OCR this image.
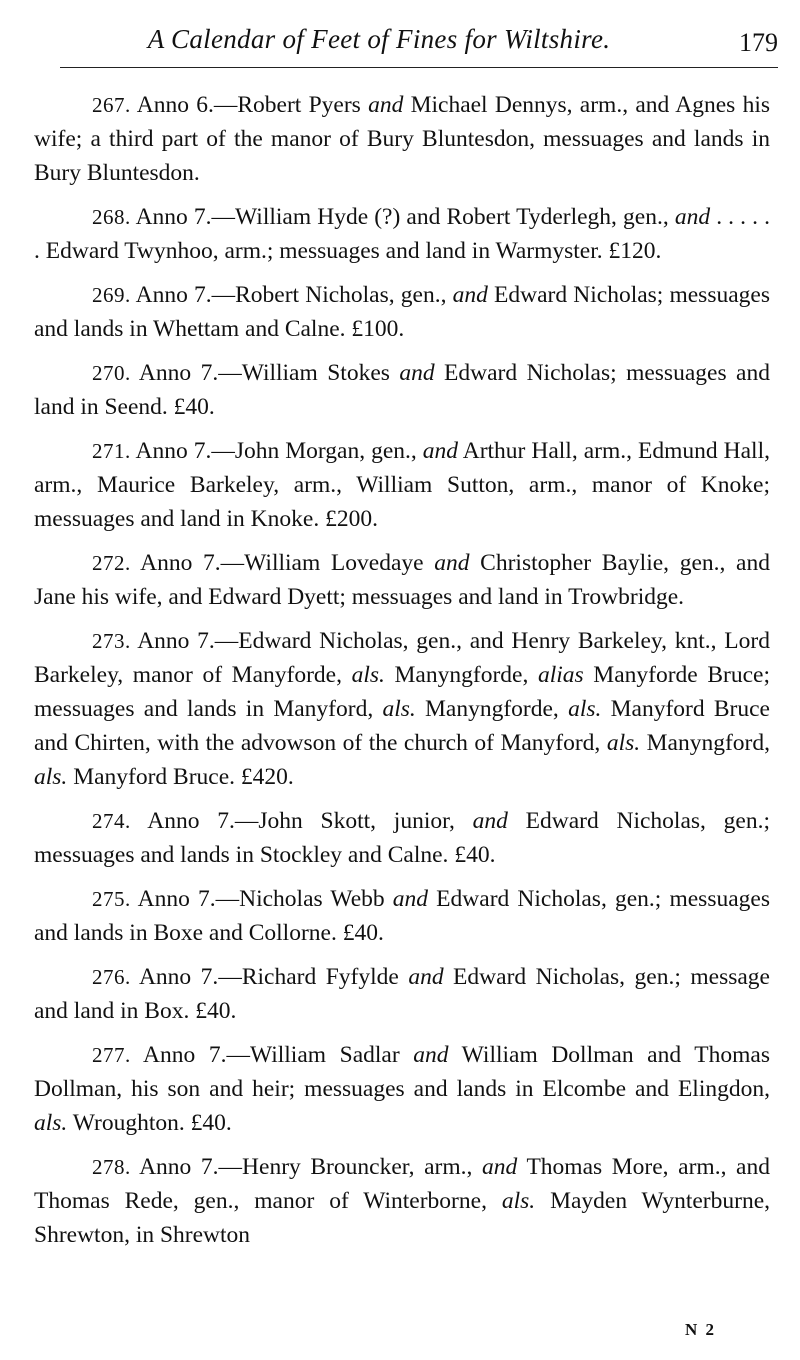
A Calendar of Feet of Fines for Wiltshire.	179

267. Anno 6.—Robert Pyers and Michael Dennys, arm., and Agnes his wife; a third part of the manor of Bury Bluntesdon, messuages and lands in Bury Bluntesdon.

268. Anno 7.—William Hyde (?) and Robert Tyderlegh, gen., and . . . . . . Edward Twynhoo, arm.; messuages and land in Warmyster. £120.

269. Anno 7.—Robert Nicholas, gen., and Edward Nicholas; messuages and lands in Whettam and Calne. £100.

270. Anno 7.—William Stokes and Edward Nicholas; messuages and land in Seend. £40.

271. Anno 7.—John Morgan, gen., and Arthur Hall, arm., Edmund Hall, arm., Maurice Barkeley, arm., William Sutton, arm., manor of Knoke; messuages and land in Knoke. £200.

272. Anno 7.—William Lovedaye and Christopher Baylie, gen., and Jane his wife, and Edward Dyett; messuages and land in Trowbridge.

273. Anno 7.—Edward Nicholas, gen., and Henry Barkeley, knt., Lord Barkeley, manor of Manyforde, als. Manyngforde, alias Manyforde Bruce; messuages and lands in Manyford, als. Manyngforde, als. Manyford Bruce and Chirten, with the advowson of the church of Manyford, als. Manyngford, als. Manyford Bruce. £420.

274. Anno 7.—John Skott, junior, and Edward Nicholas, gen.; messuages and lands in Stockley and Calne. £40.

275. Anno 7.—Nicholas Webb and Edward Nicholas, gen.; messuages and lands in Boxe and Collorne. £40.

276. Anno 7.—Richard Fyfylde and Edward Nicholas, gen.; message and land in Box. £40.

277. Anno 7.—William Sadlar and William Dollman and Thomas Dollman, his son and heir; messuages and lands in Elcombe and Elingdon, als. Wroughton. £40.

278. Anno 7.—Henry Brouncker, arm., and Thomas More, arm., and Thomas Rede, gen., manor of Winterborne, als. Mayden Wynterburne, Shrewton, in Shrewton

N 2
